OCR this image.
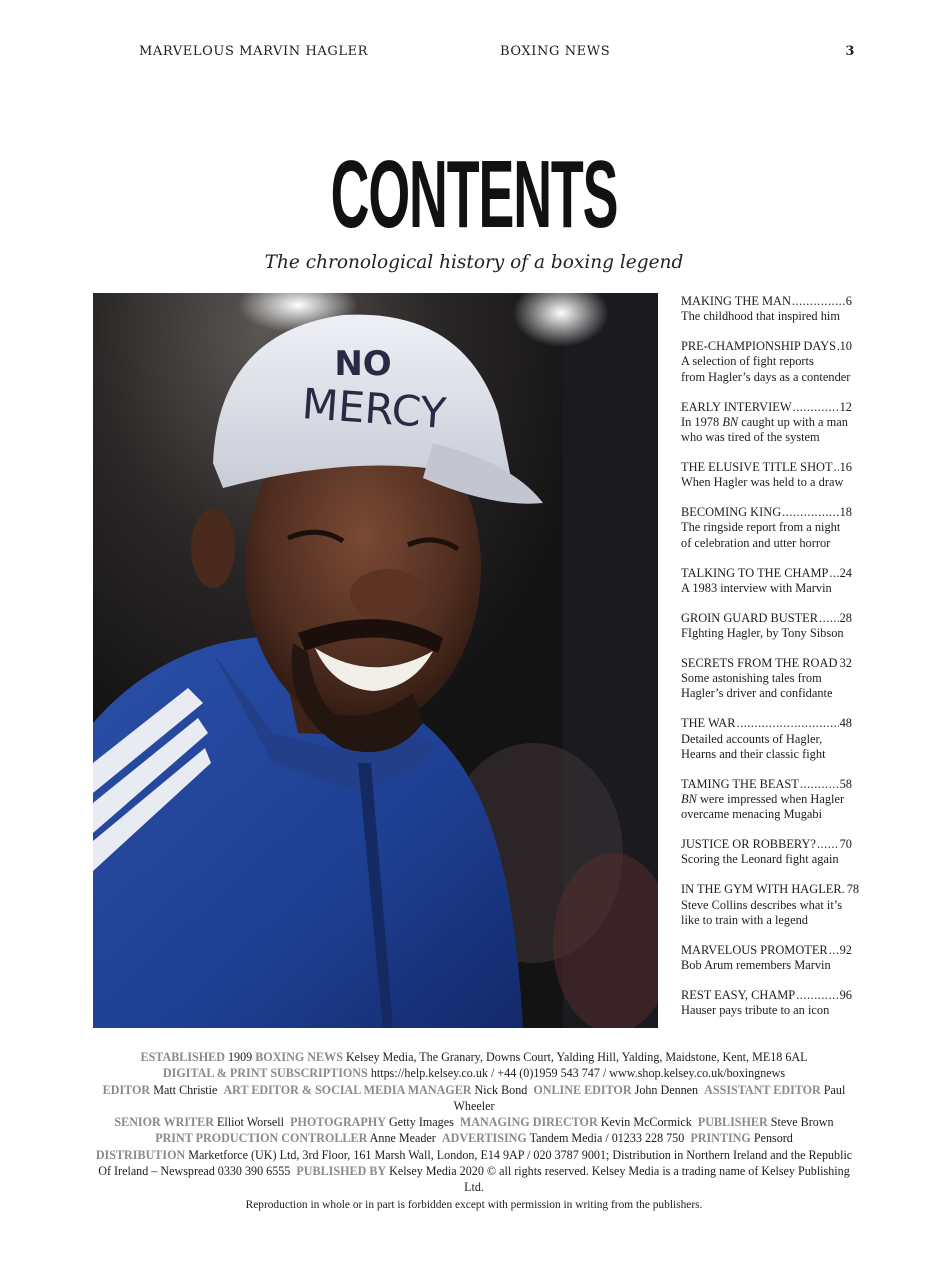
MARVELOUS MARVIN HAGLER	BOXING NEWS	3
CONTENTS
The chronological history of a boxing legend
NO
MERCY
MAKING THE MAN .....	6
The childhood that inspired him
PRE-CHAMPIONSHIP DAYS ..... 10
A selection of fight reports
from Hagler’s days as a contender
EARLY INTERVIEW .....	12
In 1978 BN caught up with a man
who was tired of the system
THE ELUSIVE TITLE SHOT ..... 16
When Hagler was held to a draw
BECOMING KING .....	18
The ringside report from a night
of celebration and utter horror
TALKING TO THE CHAMP ..... 24
A 1983 interview with Marvin
GROIN GUARD BUSTER ..... 28
FIghting Hagler, by Tony Sibson
SECRETS FROM THE ROAD ..... 32
Some astonishing tales from
Hagler’s driver and confidante
THE WAR .....	48
Detailed accounts of Hagler,
Hearns and their classic fight
TAMING THE BEAST .....	58
BN were impressed when Hagler
overcame menacing Mugabi
JUSTICE OR ROBBERY? ..... 70
Scoring the Leonard fight again
IN THE GYM WITH HAGLER. 78
Steve Collins describes what it’s
like to train with a legend
MARVELOUS PROMOTER ..... 92
Bob Arum remembers Marvin
REST EASY, CHAMP .....	96
Hauser pays tribute to an icon
ESTABLISHED 1909 BOXING NEWS Kelsey Media, The Granary, Downs Court, Yalding Hill, Yalding, Maidstone, Kent, ME18 6AL
DIGITAL & PRINT SUBSCRIPTIONS https://help.kelsey.co.uk / +44 (0)1959 543 747 / www.shop.kelsey.co.uk/boxingnews
EDITOR Matt Christie ART EDITOR & SOCIAL MEDIA MANAGER Nick Bond ONLINE EDITOR John Dennen ASSISTANT EDITOR Paul Wheeler
SENIOR WRITER Elliot Worsell PHOTOGRAPHY Getty Images MANAGING DIRECTOR Kevin McCormick PUBLISHER Steve Brown
PRINT PRODUCTION CONTROLLER Anne Meader ADVERTISING Tandem Media / 01233 228 750 PRINTING Pensord
DISTRIBUTION Marketforce (UK) Ltd, 3rd Floor, 161 Marsh Wall, London, E14 9AP / 020 3787 9001; Distribution in Northern Ireland and the Republic Of Ireland – Newspread 0330 390 6555 PUBLISHED BY Kelsey Media 2020 © all rights reserved. Kelsey Media is a trading name of Kelsey Publishing Ltd.
Reproduction in whole or in part is forbidden except with permission in writing from the publishers.
